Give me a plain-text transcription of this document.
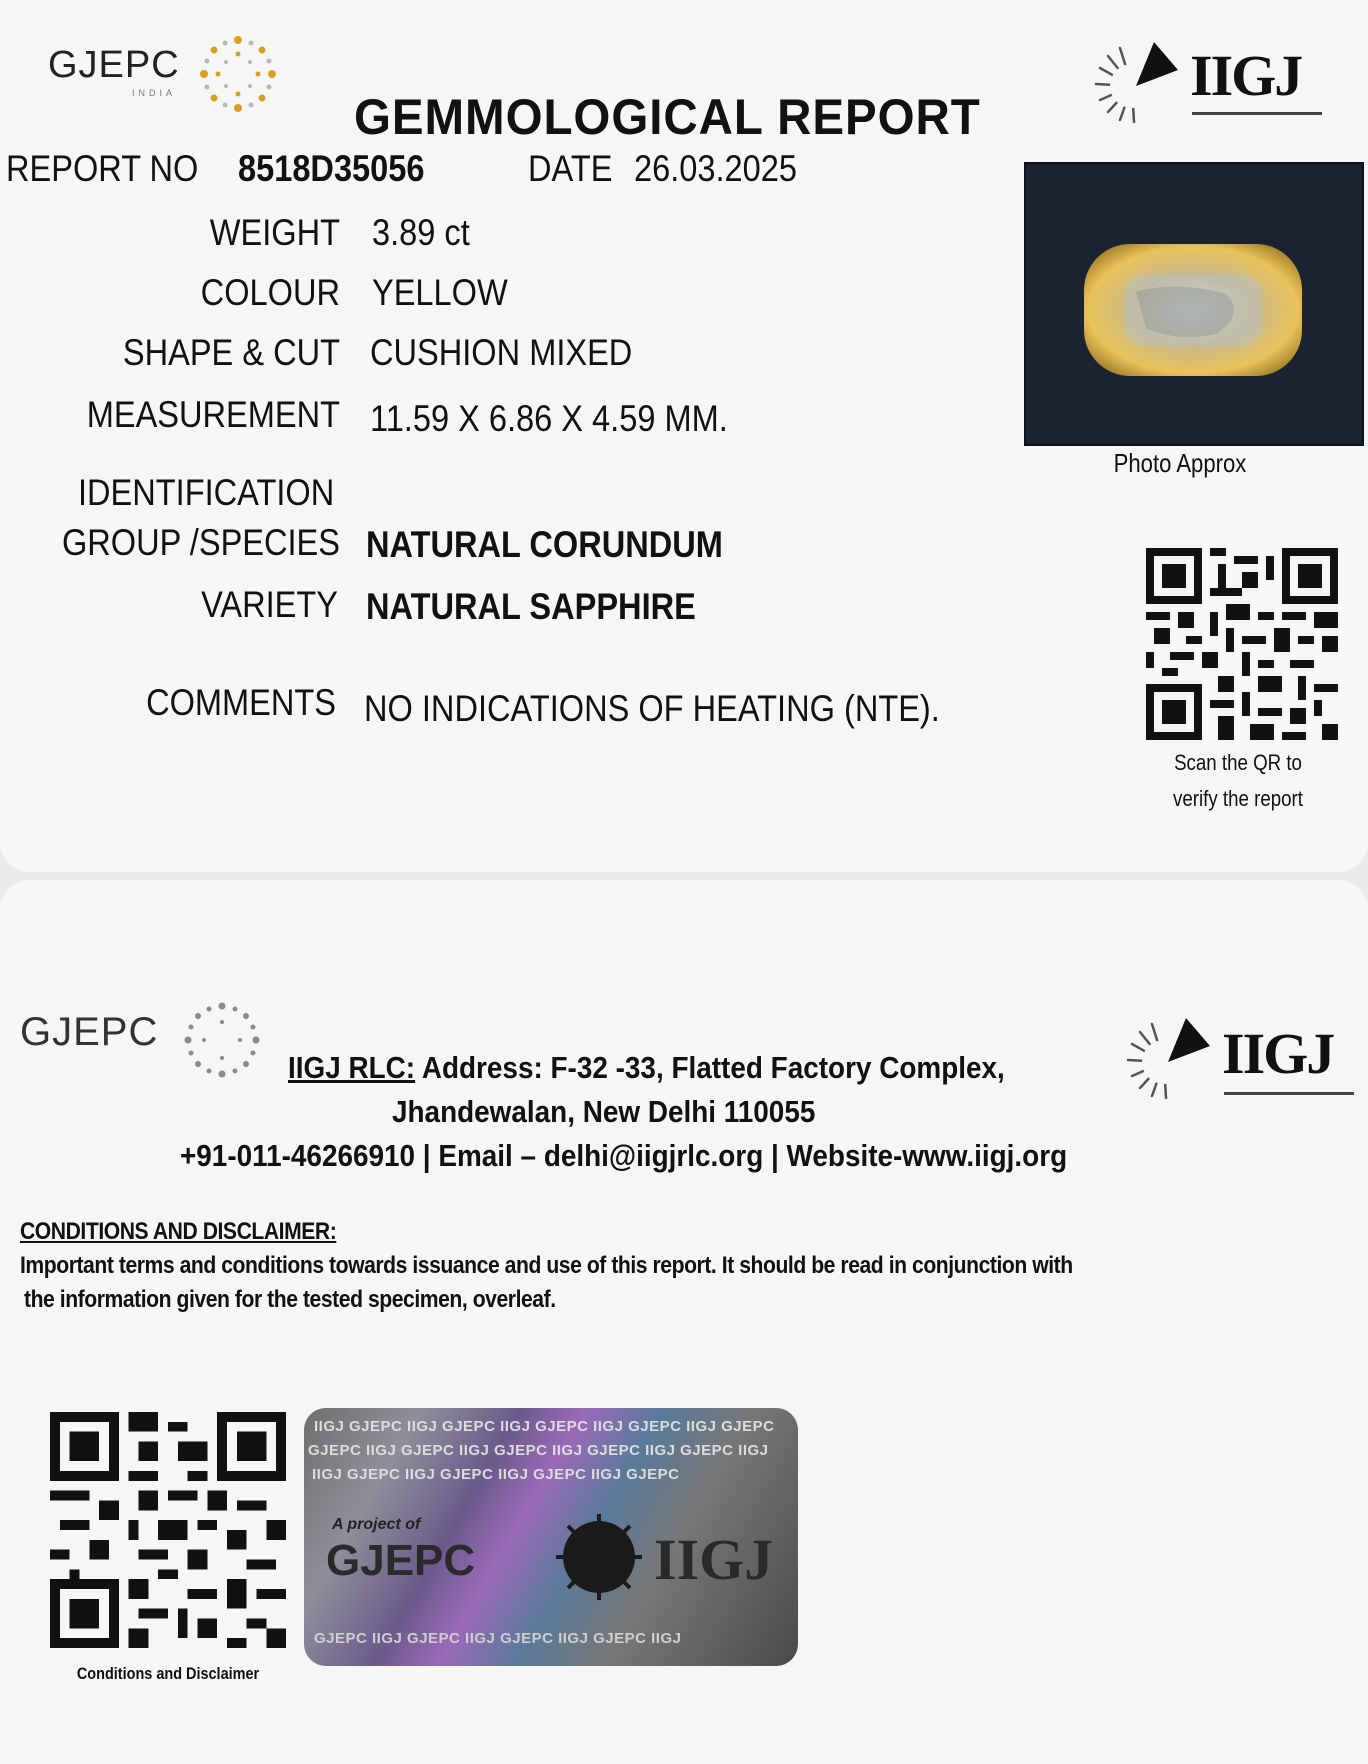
GJEPC
INDIA	IIGJ
GEMMOLOGICAL REPORT
REPORT NO 8518D35056	DATE 26.03.2025
WEIGHT 3.89 ct
COLOUR YELLOW
SHAPE & CUT CUSHION MIXED
MEASUREMENT 11.59 X 6.86 X 4.59 MM.
IDENTIFICATION
GROUP /SPECIES NATURAL CORUNDUM
VARIETY NATURAL SAPPHIRE
COMMENTS NO INDICATIONS OF HEATING (NTE).
Photo Approx
Scan the QR to
verify the report
GJEPC	IIGJ
IIGJ RLC: Address: F-32 -33, Flatted Factory Complex,
Jhandewalan, New Delhi 110055
+91-011-46266910 | Email – delhi@iigjrlc.org | Website-www.iigj.org
CONDITIONS AND DISCLAIMER:
Important terms and conditions towards issuance and use of this report. It should be read in conjunction with
the information given for the tested specimen, overleaf.
Conditions and Disclaimer
IIGJ GJEPC IIGJ GJEPC IIGJ GJEPC IIGJ GJEPC IIGJ GJEPC
GJEPC IIGJ GJEPC IIGJ GJEPC IIGJ GJEPC IIGJ GJEPC IIGJ
IIGJ GJEPC IIGJ GJEPC IIGJ GJEPC IIGJ GJEPC
A project of
GJEPC	IIGJ
GJEPC IIGJ GJEPC IIGJ GJEPC IIGJ GJEPC IIGJ
